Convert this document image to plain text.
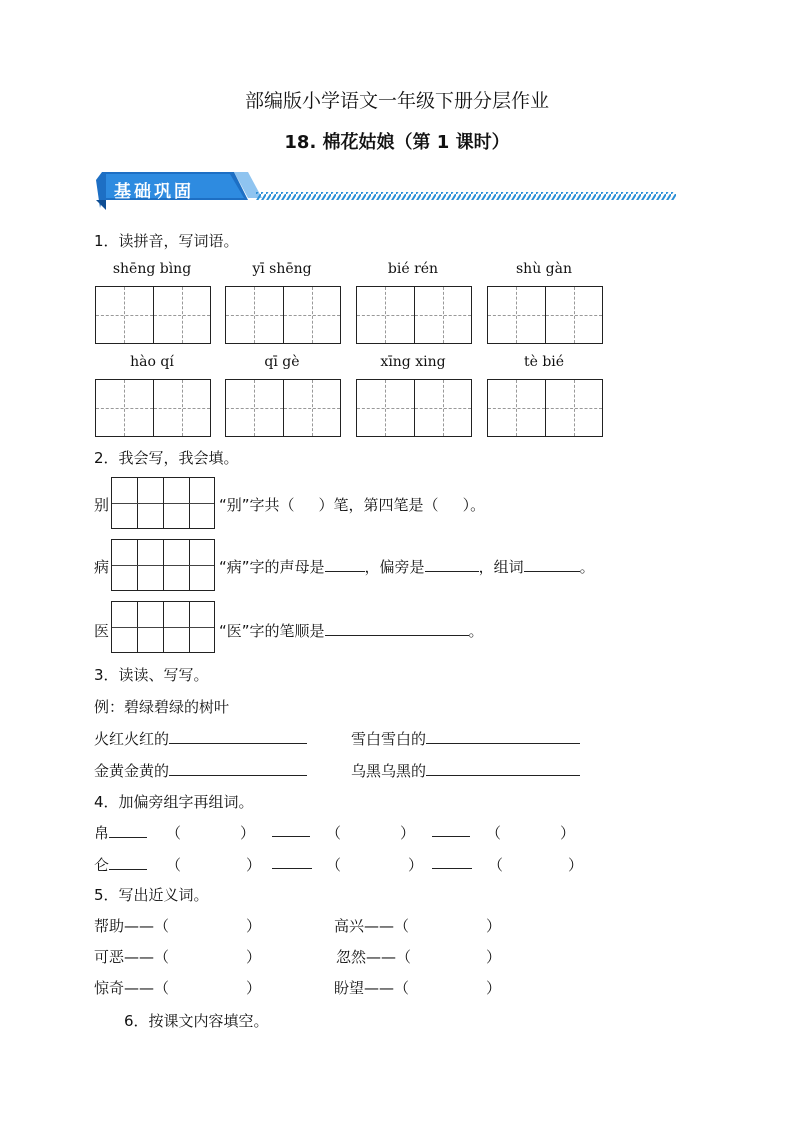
部编版小学语文一年级下册分层作业
18. 棉花姑娘（第 1 课时）
基础巩固
1．读拼音，写词语。
shēng bìng	yī shēng	bié rén	shù gàn
hào qí	qī gè	xīng xing	tè bié
2．我会写，我会填。
别	“别”字共（ ）笔，第四笔是（ ）。
病	“病”字的声母是	，偏旁是	，组词	。
医	“医”字的笔顺是	。
3．读读、写写。
例：碧绿碧绿的树叶
火红火红的	雪白雪白的
金黄金黄的	乌黑乌黑的
4．加偏旁组字再组词。
帛	（	）	（	）	（	）
仑	（	）	（	）	（	）
5．写出近义词。
帮助——（	）	高兴——（	）
可恶——（	）	忽然——（	）
惊奇——（	）	盼望——（	）
6．按课文内容填空。
